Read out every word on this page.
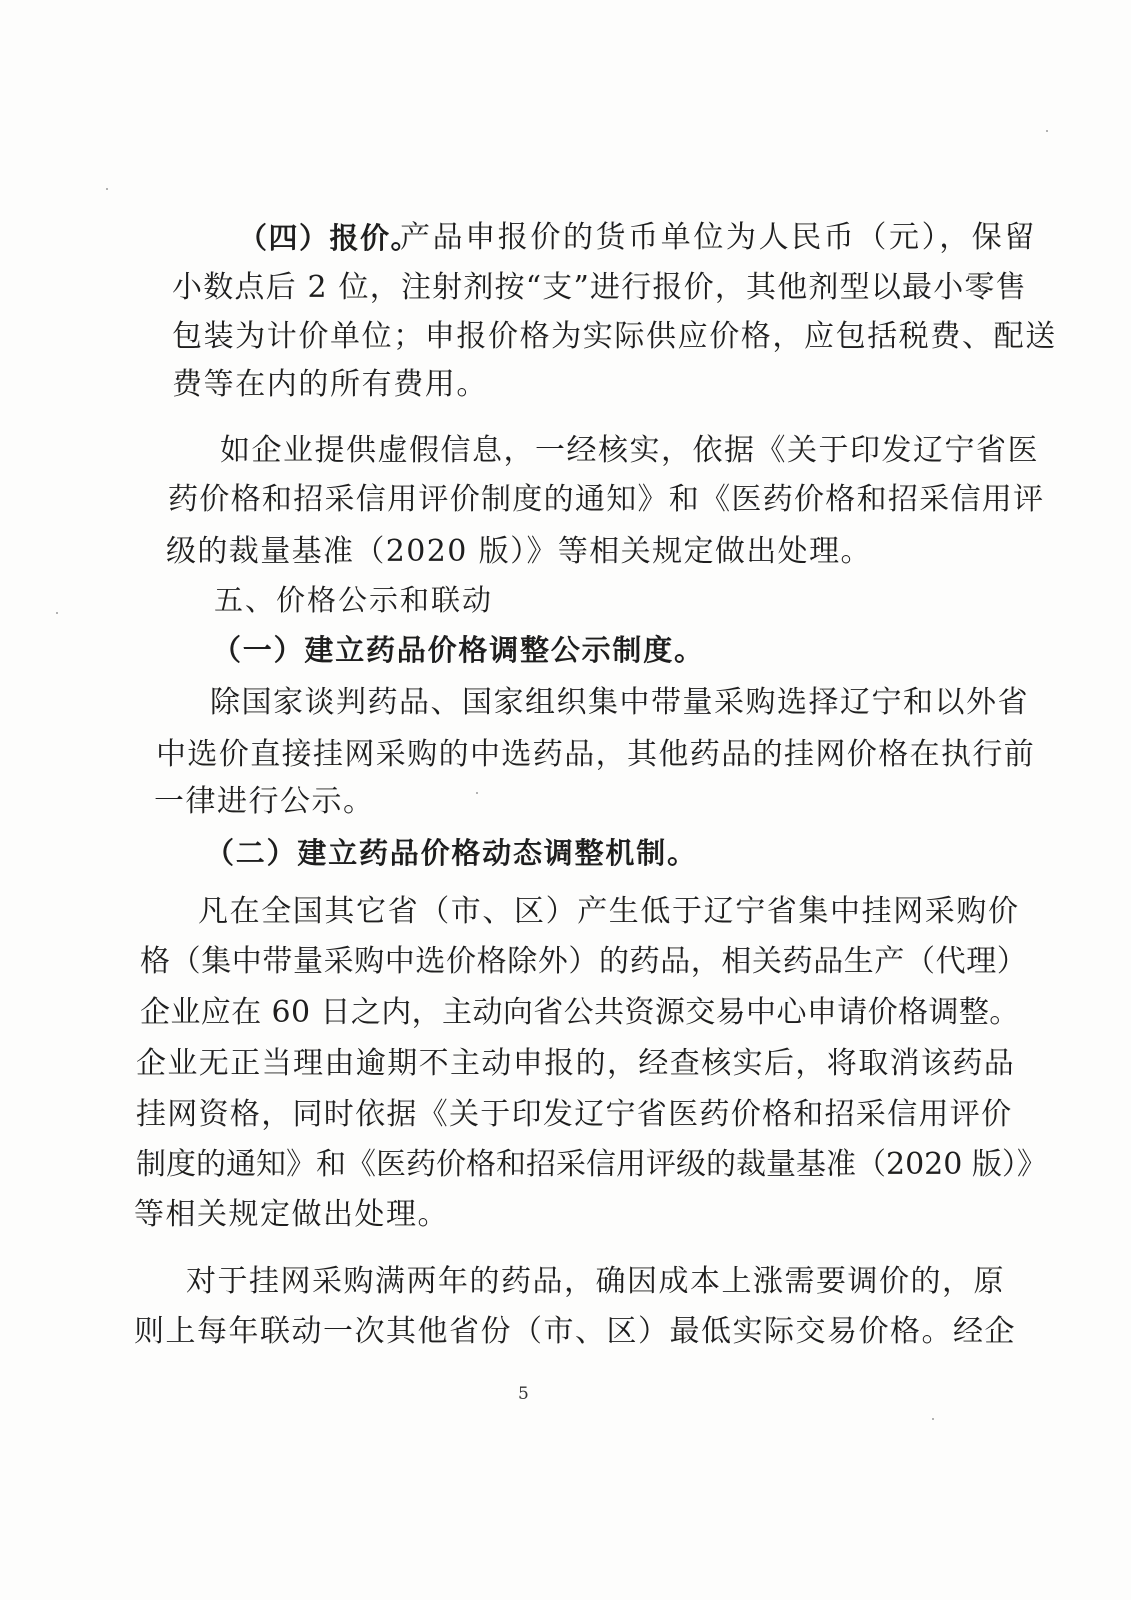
（四）报价。
产品申报价的货币单位为人民币（元），保留
小数点后 2 位，注射剂按“支”进行报价，其他剂型以最小零售
包装为计价单位；申报价格为实际供应价格，应包括税费、配送
费等在内的所有费用。
如企业提供虚假信息，一经核实，依据《关于印发辽宁省医
药价格和招采信用评价制度的通知》和《医药价格和招采信用评
级的裁量基准（2020 版）》等相关规定做出处理。
五、价格公示和联动
（一）建立药品价格调整公示制度。
除国家谈判药品、国家组织集中带量采购选择辽宁和以外省
中选价直接挂网采购的中选药品，其他药品的挂网价格在执行前
一律进行公示。
（二）建立药品价格动态调整机制。
凡在全国其它省（市、区）产生低于辽宁省集中挂网采购价
格（集中带量采购中选价格除外）的药品，相关药品生产（代理）
企业应在 60 日之内，主动向省公共资源交易中心申请价格调整。
企业无正当理由逾期不主动申报的，经查核实后，将取消该药品
挂网资格，同时依据《关于印发辽宁省医药价格和招采信用评价
制度的通知》和《医药价格和招采信用评级的裁量基准（2020 版）》
等相关规定做出处理。
对于挂网采购满两年的药品，确因成本上涨需要调价的，原
则上每年联动一次其他省份（市、区）最低实际交易价格。经企
5
